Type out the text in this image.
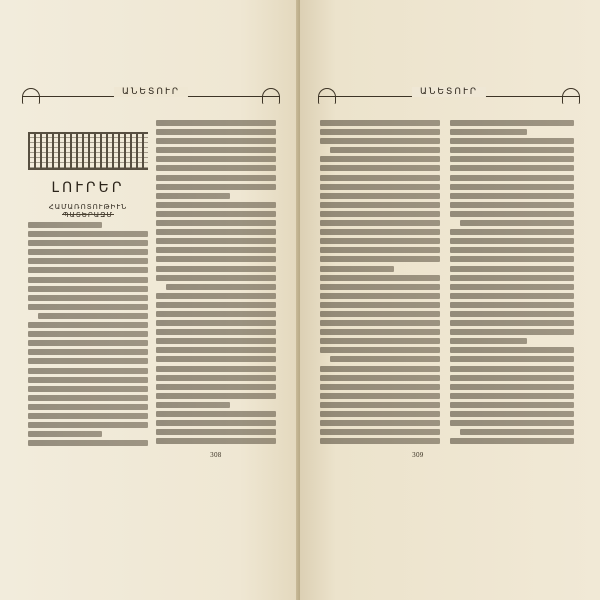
ԱՆԵՏՈՒՐ
ԼՈՒՐԵՐ
ՀԱՄԱՌՈՏՈՒԹԻՒՆ ՊԱՏԵՐԱԶՄ
308
ԱՆԵՏՈՒՐ
309
